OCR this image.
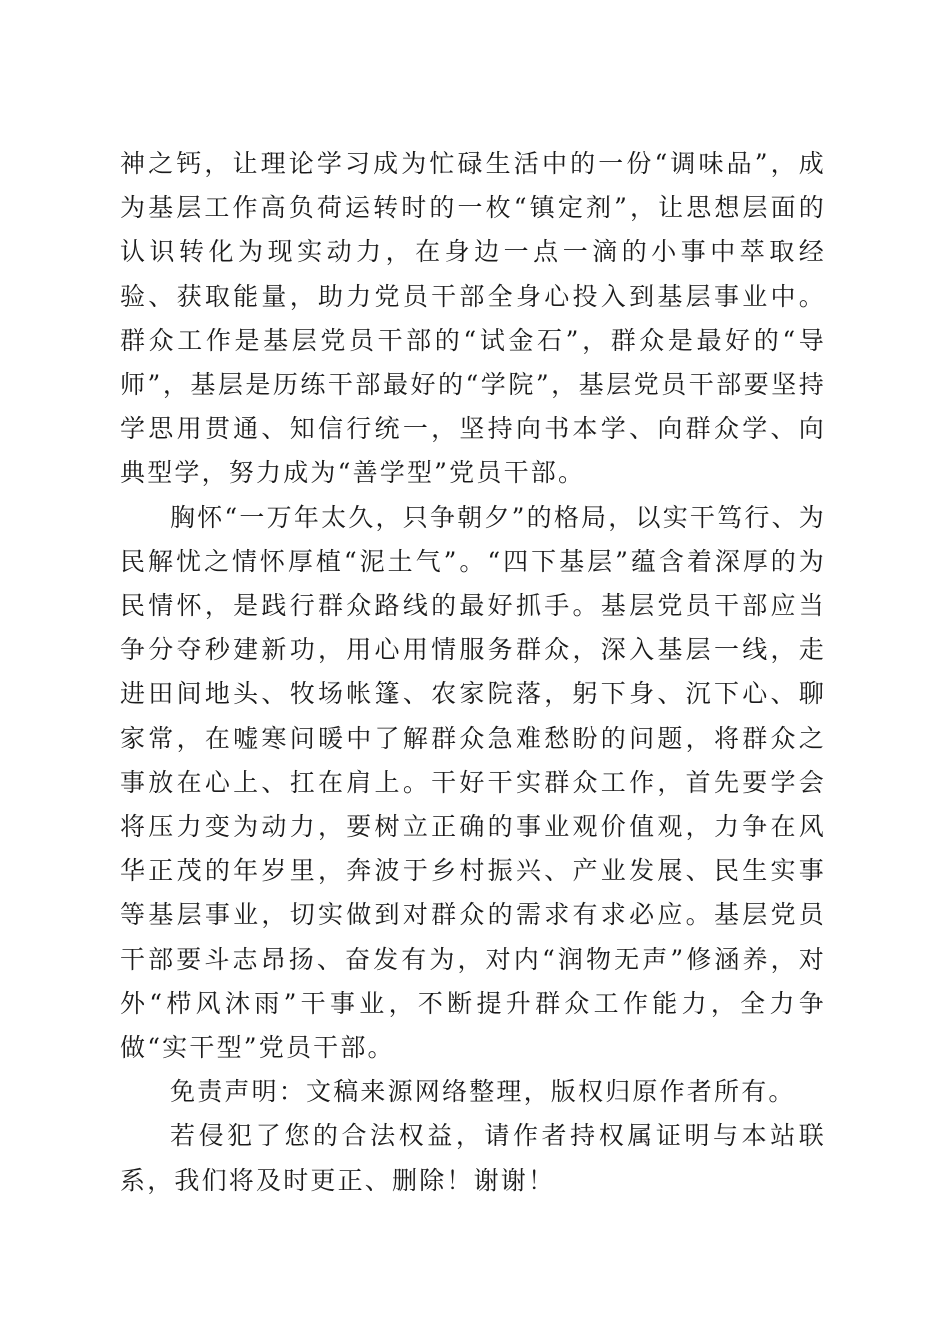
神之钙，让理论学习成为忙碌生活中的一份“调味品”，成为基层工作高负荷运转时的一枚“镇定剂”，让思想层面的认识转化为现实动力，在身边一点一滴的小事中萃取经验、获取能量，助力党员干部全身心投入到基层事业中。群众工作是基层党员干部的“试金石”，群众是最好的“导师”，基层是历练干部最好的“学院”，基层党员干部要坚持学思用贯通、知信行统一，坚持向书本学、向群众学、向典型学，努力成为“善学型”党员干部。

胸怀“一万年太久，只争朝夕”的格局，以实干笃行、为民解忧之情怀厚植“泥土气”。“四下基层”蕴含着深厚的为民情怀，是践行群众路线的最好抓手。基层党员干部应当争分夺秒建新功，用心用情服务群众，深入基层一线，走进田间地头、牧场帐篷、农家院落，躬下身、沉下心、聊家常，在嘘寒问暖中了解群众急难愁盼的问题，将群众之事放在心上、扛在肩上。干好干实群众工作，首先要学会将压力变为动力，要树立正确的事业观价值观，力争在风华正茂的年岁里，奔波于乡村振兴、产业发展、民生实事等基层事业，切实做到对群众的需求有求必应。基层党员干部要斗志昂扬、奋发有为，对内“润物无声”修涵养，对外“栉风沐雨”干事业，不断提升群众工作能力，全力争做“实干型”党员干部。

免责声明：文稿来源网络整理，版权归原作者所有。

若侵犯了您的合法权益，请作者持权属证明与本站联系，我们将及时更正、删除！谢谢！
